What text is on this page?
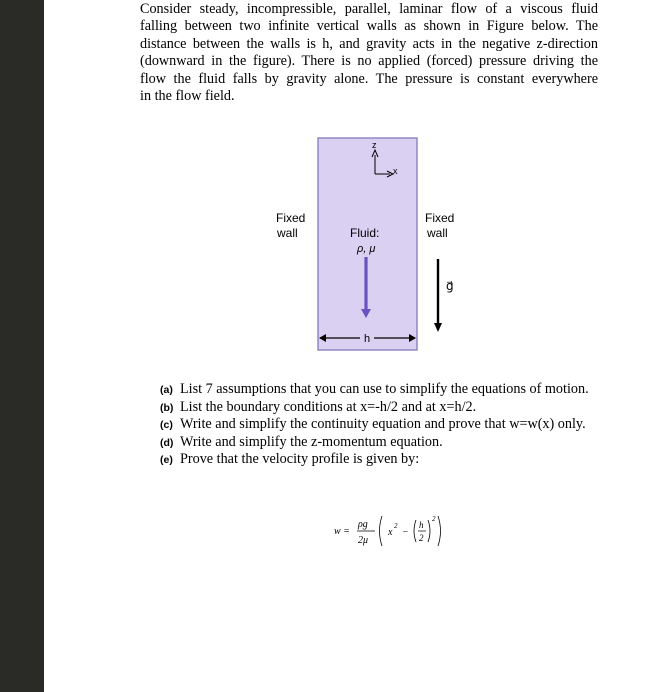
Consider steady, incompressible, parallel, laminar flow of a viscous fluid
falling between two infinite vertical walls as shown in Figure below. The
distance between the walls is h, and gravity acts in the negative z-direction
(downward in the figure). There is no applied (forced) pressure driving the
flow the fluid falls by gravity alone. The pressure is constant everywhere
in the flow field.
z
x
Fixed
wall
Fixed
wall
Fluid:
ρ, μ
h
g⃗
(a) List 7 assumptions that you can use to simplify the equations of motion.
(b) List the boundary conditions at x=-h/2 and at x=h/2.
(c) Write and simplify the continuity equation and prove that w=w(x) only.
(d) Write and simplify the z-momentum equation.
(e) Prove that the velocity profile is given by:
w =
ρg
2μ
x
2
−
h
2
2
